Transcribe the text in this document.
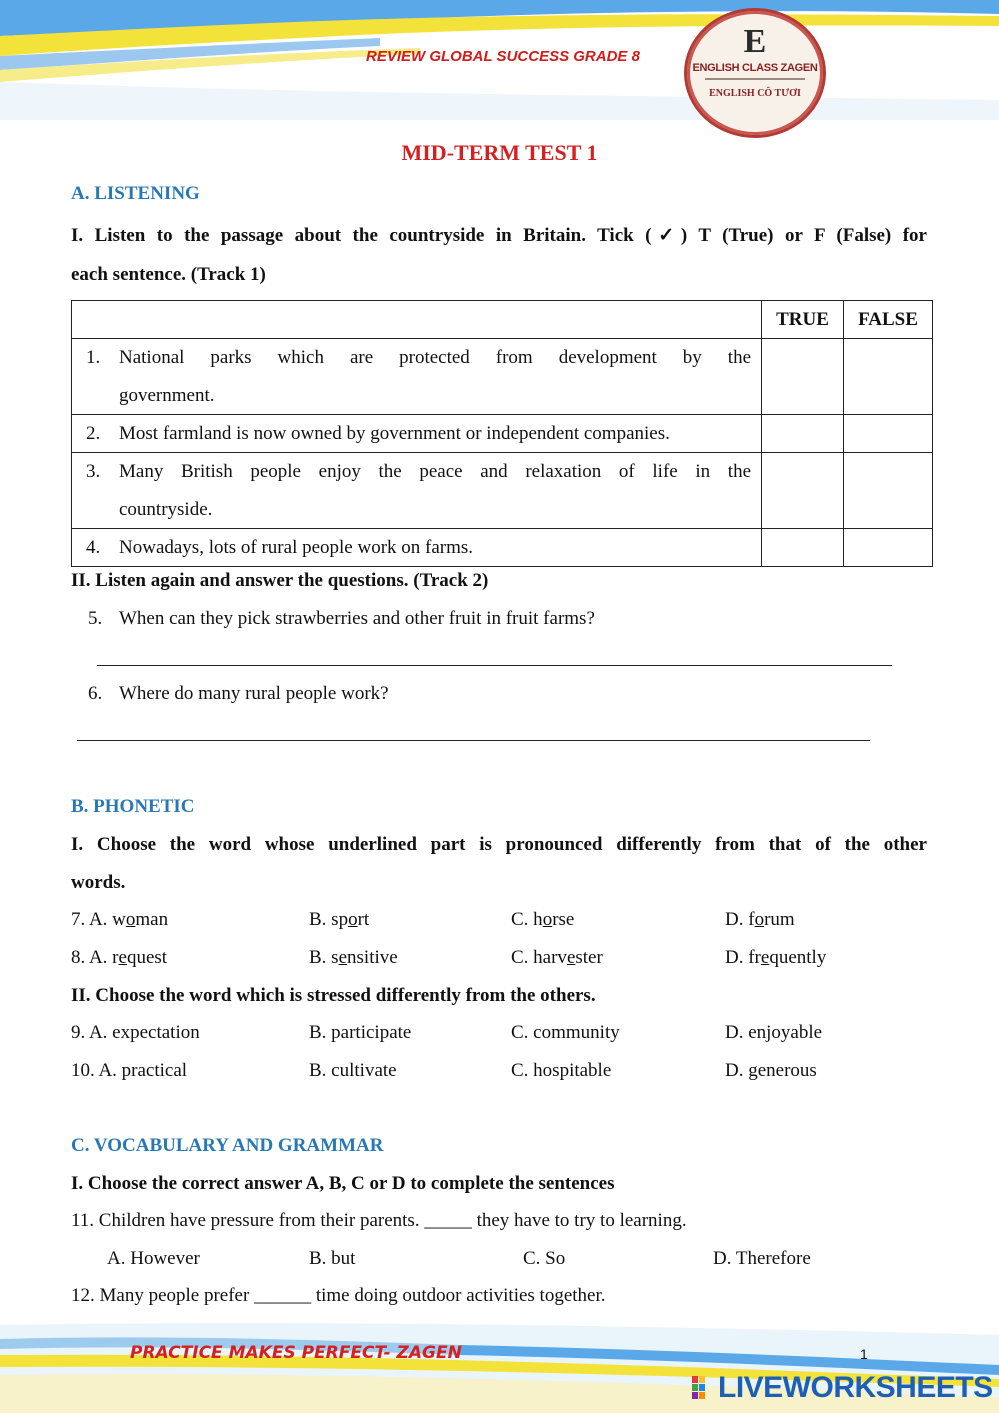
REVIEW GLOBAL SUCCESS GRADE 8	E
ENGLISH CLASS ZAGEN
ENGLISH CÔ TƯƠI
MID-TERM TEST 1
A. LISTENING
I. Listen to the passage about the countryside in Britain. Tick (✓) T (True) or F (False) for
each sentence. (Track 1)
	TRUE	FALSE

1. National parks which are protected from development by the
government.		

2. Most farmland is now owned by government or independent companies.		

3. Many British people enjoy the peace and relaxation of life in the
countryside.		

4. Nowadays, lots of rural people work on farms.		

II. Listen again and answer the questions. (Track 2)
5. When can they pick strawberries and other fruit in fruit farms?
6. Where do many rural people work?
B. PHONETIC
I. Choose the word whose underlined part is pronounced differently from that of the other
words.
7. A. woman	B. sport	C. horse	D. forum
8. A. request	B. sensitive	C. harvester	D. frequently
II. Choose the word which is stressed differently from the others.
9. A. expectation	B. participate	C. community	D. enjoyable
10. A. practical	B. cultivate	C. hospitable	D. generous
C. VOCABULARY AND GRAMMAR
I. Choose the correct answer A, B, C or D to complete the sentences
11. Children have pressure from their parents. _____ they have to try to learning.
A. However	B. but	C. So	D. Therefore
12. Many people prefer ______ time doing outdoor activities together.
PRACTICE MAKES PERFECT- ZAGEN	1
LIVEWORKSHEETS
